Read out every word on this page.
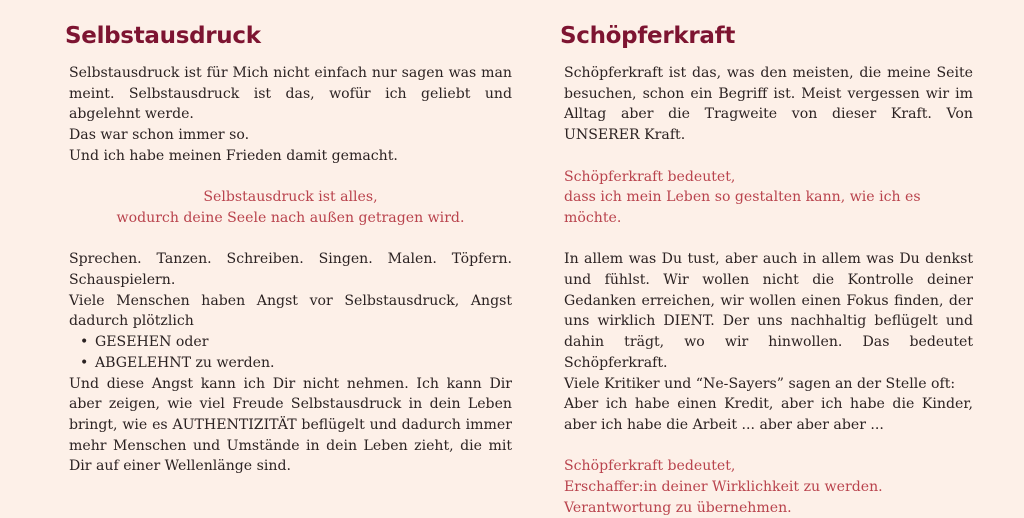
Selbstausdruck

Selbstausdruck ist für Mich nicht einfach nur sagen was man meint. Selbstausdruck ist das, wofür ich geliebt und abgelehnt werde.

Das war schon immer so.

Und ich habe meinen Frieden damit gemacht.

Selbstausdruck ist alles,
wodurch deine Seele nach außen getragen wird.

Sprechen. Tanzen. Schreiben. Singen. Malen. Töpfern. Schauspielern.

Viele Menschen haben Angst vor Selbstausdruck, Angst dadurch plötzlich

• GESEHEN oder
• ABGELEHNT zu werden.

Und diese Angst kann ich Dir nicht nehmen. Ich kann Dir aber zeigen, wie viel Freude Selbstausdruck in dein Leben bringt, wie es AUTHENTIZITÄT beflügelt und dadurch immer mehr Menschen und Umstände in dein Leben zieht, die mit Dir auf einer Wellenlänge sind.

Schöpferkraft

Schöpferkraft ist das, was den meisten, die meine Seite besuchen, schon ein Begriff ist. Meist vergessen wir im Alltag aber die Tragweite von dieser Kraft. Von UNSERER Kraft.

Schöpferkraft bedeutet,
dass ich mein Leben so gestalten kann, wie ich es möchte.

In allem was Du tust, aber auch in allem was Du denkst und fühlst. Wir wollen nicht die Kontrolle deiner Gedanken erreichen, wir wollen einen Fokus finden, der uns wirklich DIENT. Der uns nachhaltig beflügelt und dahin trägt, wo wir hinwollen. Das bedeutet Schöpferkraft.

Viele Kritiker und “Ne-Sayers” sagen an der Stelle oft:

Aber ich habe einen Kredit, aber ich habe die Kinder, aber ich habe die Arbeit ... aber aber aber ...

Schöpferkraft bedeutet,
Erschaffer:in deiner Wirklichkeit zu werden.
Verantwortung zu übernehmen.
